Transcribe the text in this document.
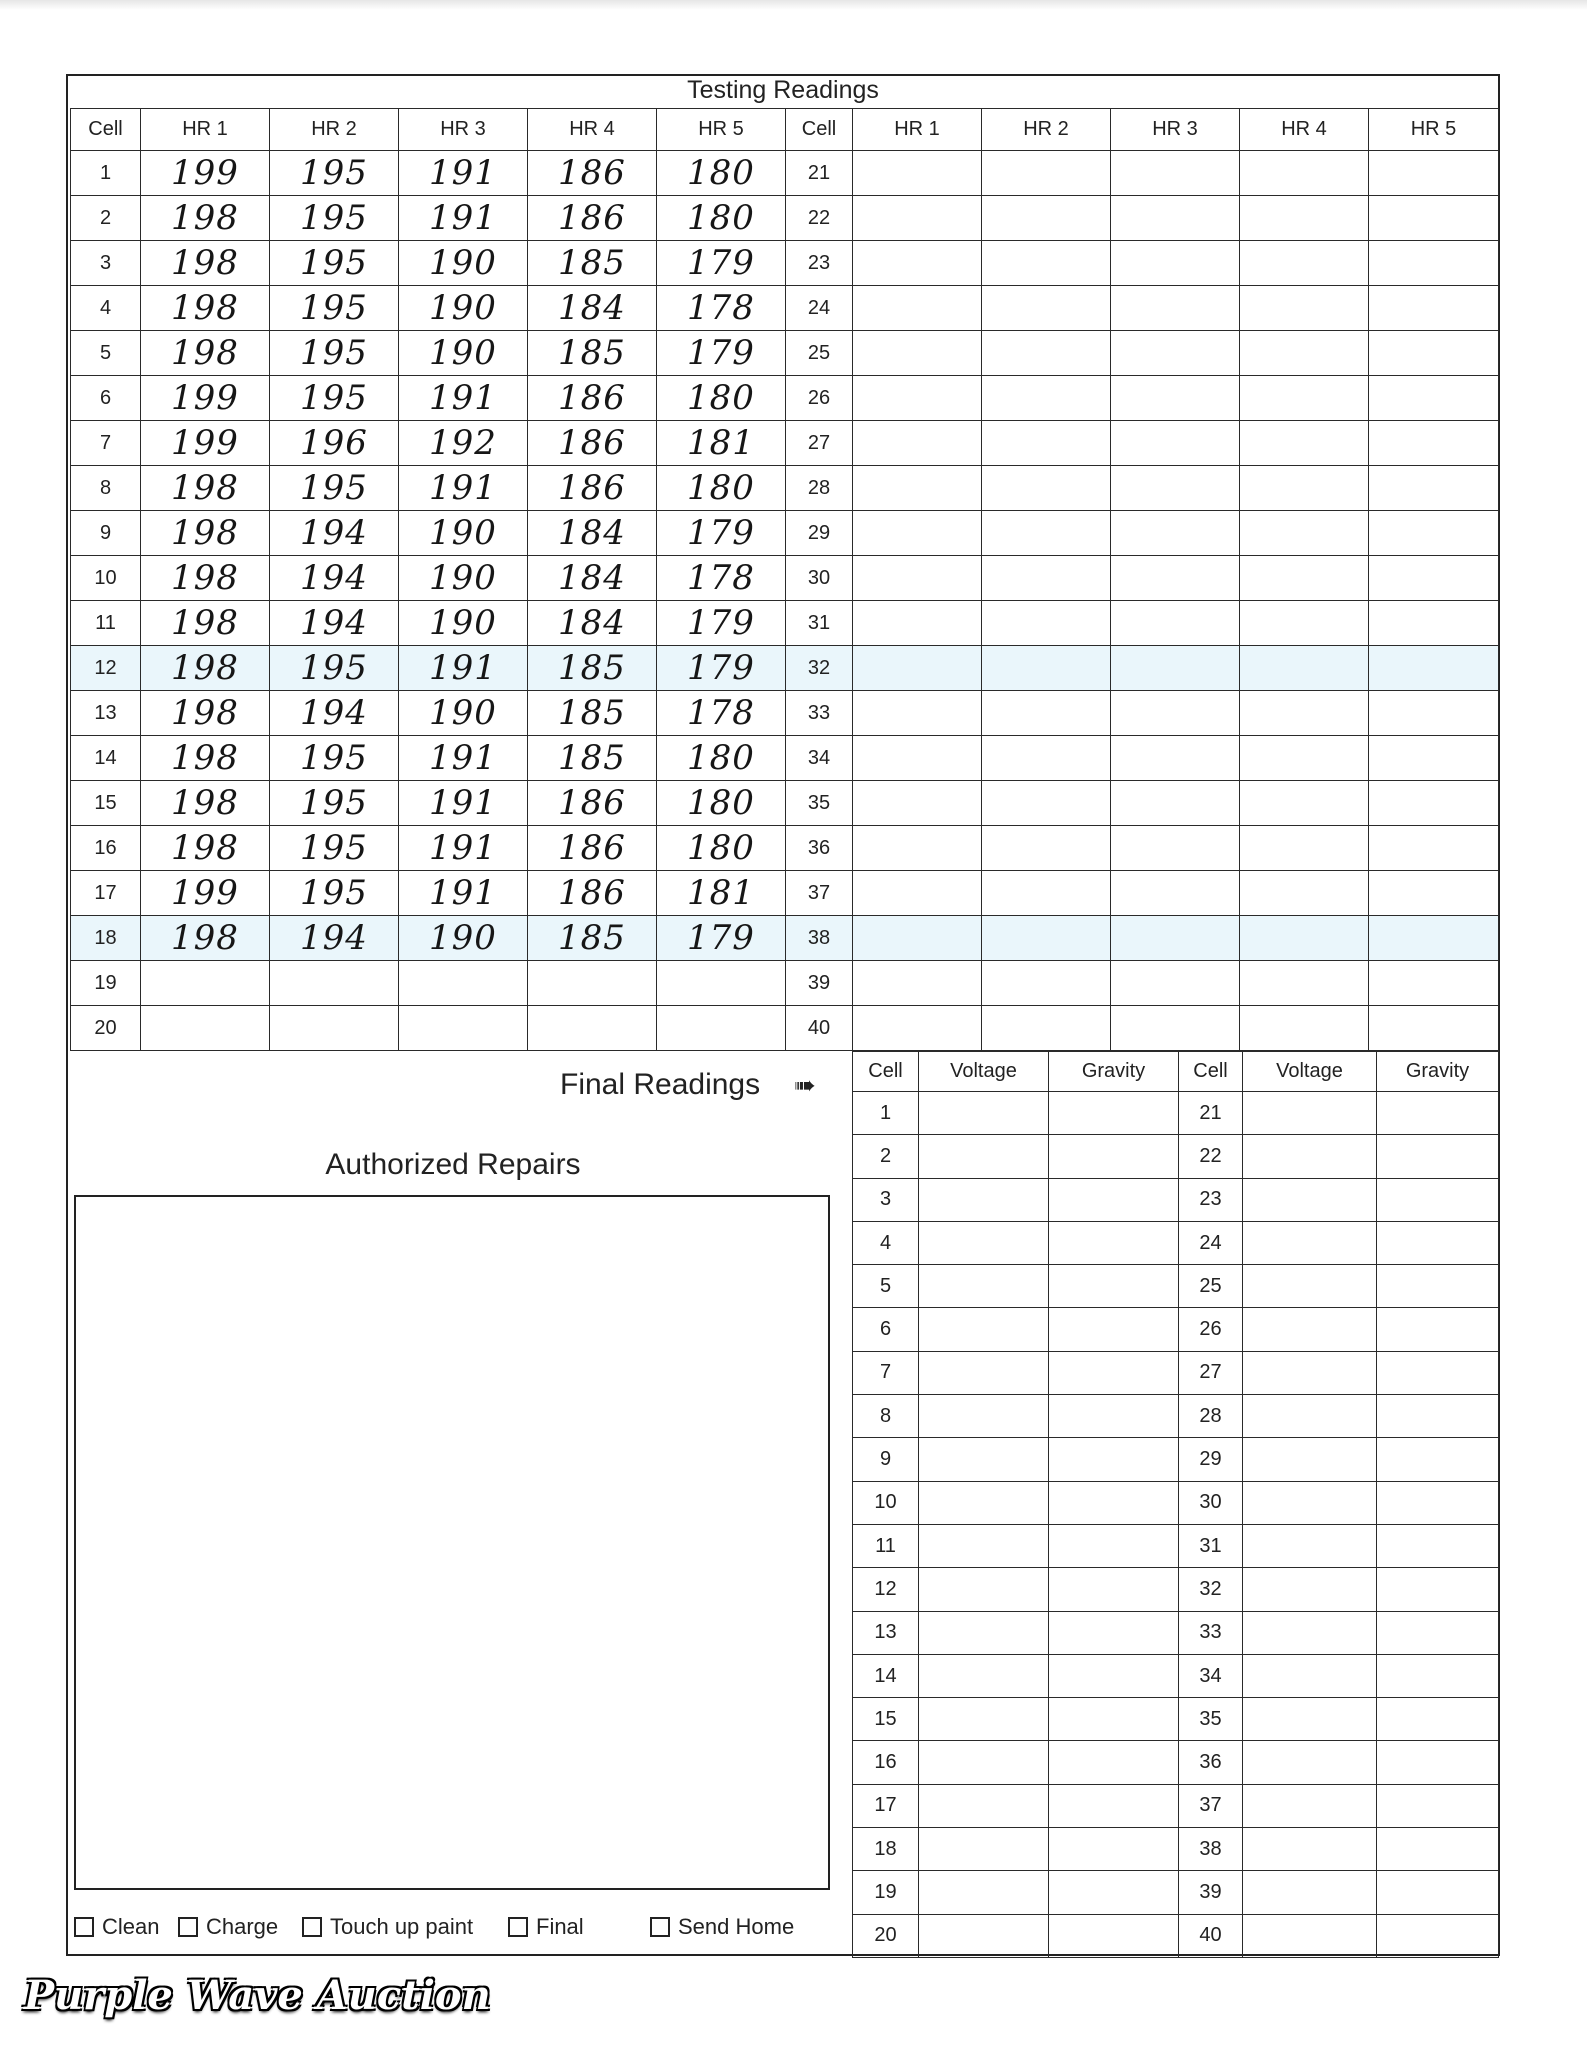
Testing Readings
Cell	HR 1	HR 2	HR 3	HR 4	HR 5	Cell	HR 1	HR 2	HR 3	HR 4	HR 5
1	199	195	191	186	180	21					
2	198	195	191	186	180	22					
3	198	195	190	185	179	23					
4	198	195	190	184	178	24					
5	198	195	190	185	179	25					
6	199	195	191	186	180	26					
7	199	196	192	186	181	27					
8	198	195	191	186	180	28					
9	198	194	190	184	179	29					
10	198	194	190	184	178	30					
11	198	194	190	184	179	31					
12	198	195	191	185	179	32					
13	198	194	190	185	178	33					
14	198	195	191	185	180	34					
15	198	195	191	186	180	35					
16	198	195	191	186	180	36					
17	199	195	191	186	181	37					
18	198	194	190	185	179	38					
19						39					
20						40					
Final Readings ➠	Cell	Voltage	Gravity	Cell	Voltage	Gravity
1			21		
2			22		
3			23		
4			24		
5			25		
6			26		
7			27		
8			28		
9			29		
10			30		
11			31		
12			32		
13			33		
14			34		
15			35		
16			36		
17			37		
18			38		
19			39		
20			40		
Authorized Repairs
Clean Charge Touch up paint	Final	Send Home
Purple Wave Auction
